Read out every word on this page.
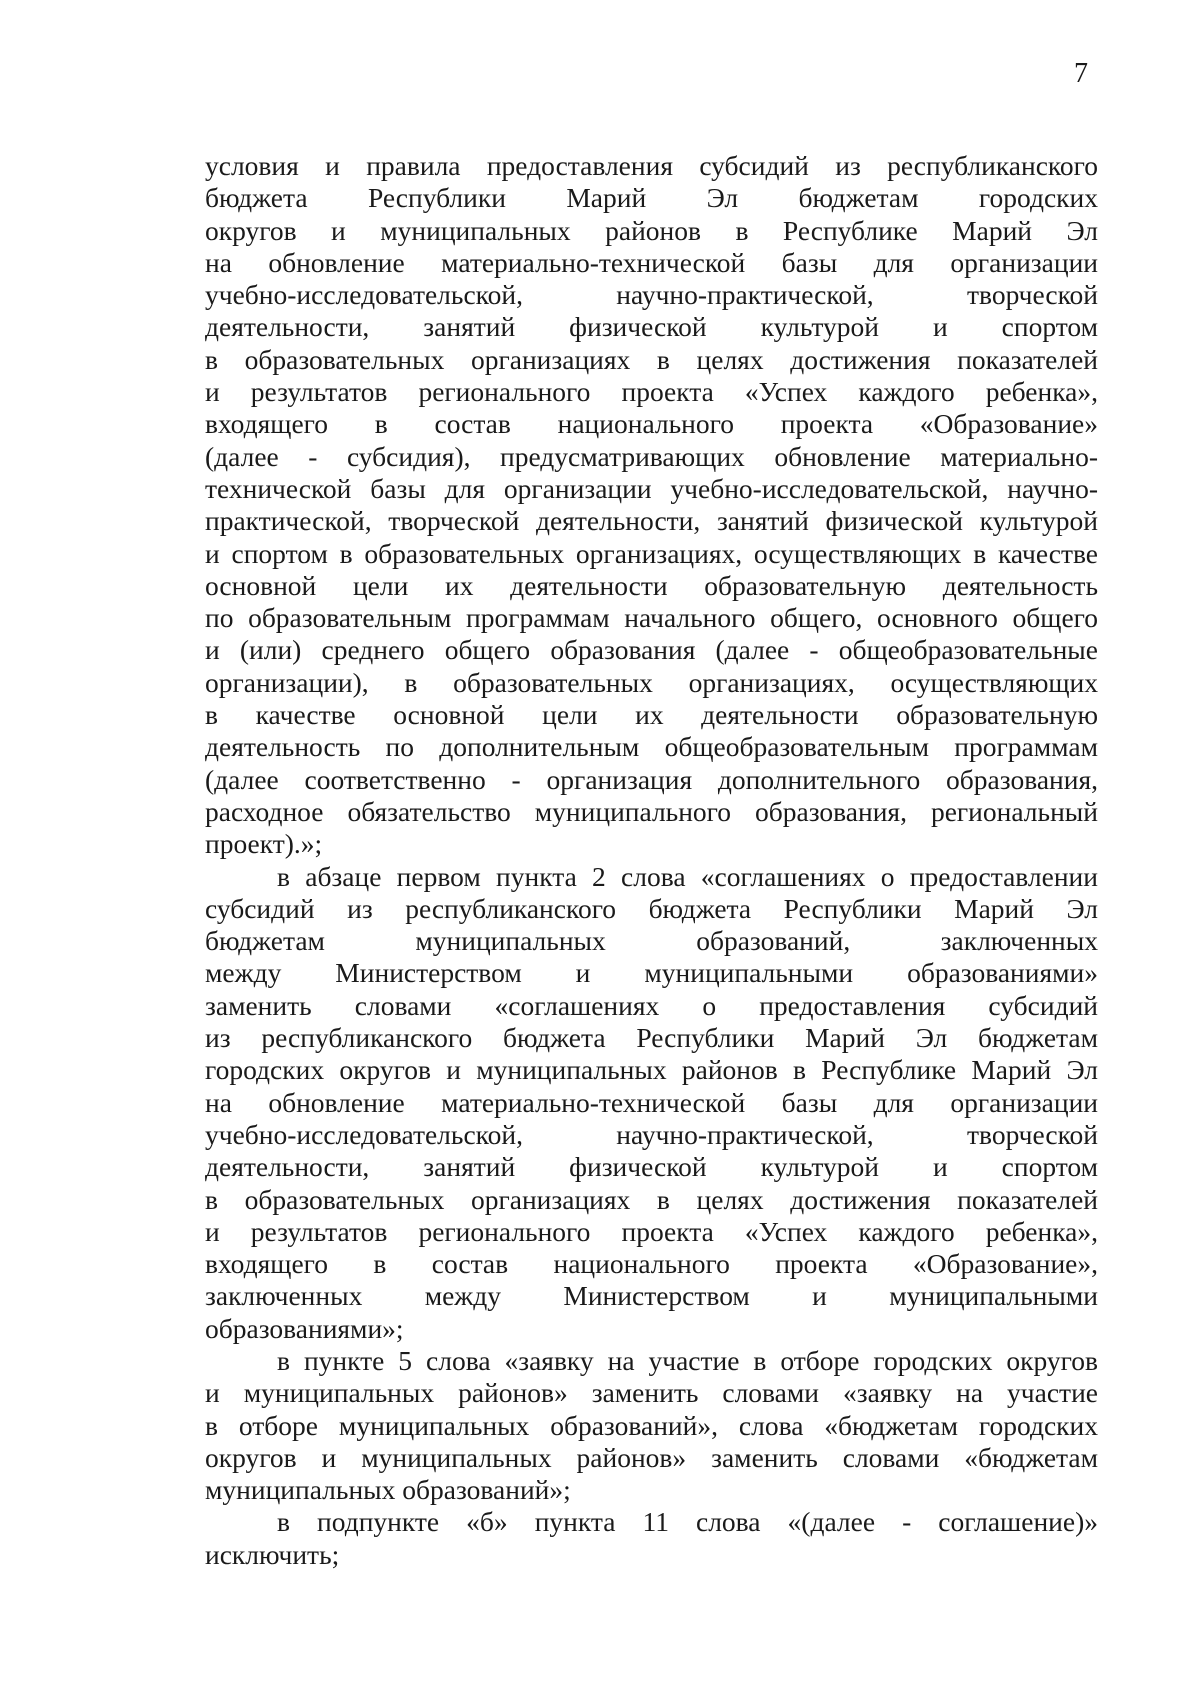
7

условия и правила предоставления субсидий из республиканского
бюджета Республики Марий Эл бюджетам городских
округов и муниципальных районов в Республике Марий Эл
на обновление материально-технической базы для организации
учебно-исследовательской, научно-практической, творческой
деятельности, занятий физической культурой и спортом
в образовательных организациях в целях достижения показателей
и результатов регионального проекта «Успех каждого ребенка»,
входящего в состав национального проекта «Образование»
(далее - субсидия), предусматривающих обновление материально-
технической базы для организации учебно-исследовательской, научно-
практической, творческой деятельности, занятий физической культурой
и спортом в образовательных организациях, осуществляющих в качестве
основной цели их деятельности образовательную деятельность
по образовательным программам начального общего, основного общего
и (или) среднего общего образования (далее - общеобразовательные
организации), в образовательных организациях, осуществляющих
в качестве основной цели их деятельности образовательную
деятельность по дополнительным общеобразовательным программам
(далее соответственно - организация дополнительного образования,
расходное обязательство муниципального образования, региональный
проект).»;

в абзаце первом пункта 2 слова «соглашениях о предоставлении
субсидий из республиканского бюджета Республики Марий Эл
бюджетам муниципальных образований, заключенных
между Министерством и муниципальными образованиями»
заменить словами «соглашениях о предоставления субсидий
из республиканского бюджета Республики Марий Эл бюджетам
городских округов и муниципальных районов в Республике Марий Эл
на обновление материально-технической базы для организации
учебно-исследовательской, научно-практической, творческой
деятельности, занятий физической культурой и спортом
в образовательных организациях в целях достижения показателей
и результатов регионального проекта «Успех каждого ребенка»,
входящего в состав национального проекта «Образование»,
заключенных между Министерством и муниципальными
образованиями»;

в пункте 5 слова «заявку на участие в отборе городских округов
и муниципальных районов» заменить словами «заявку на участие
в отборе муниципальных образований», слова «бюджетам городских
округов и муниципальных районов» заменить словами «бюджетам
муниципальных образований»;

в подпункте «б» пункта 11 слова «(далее - соглашение)»
исключить;
